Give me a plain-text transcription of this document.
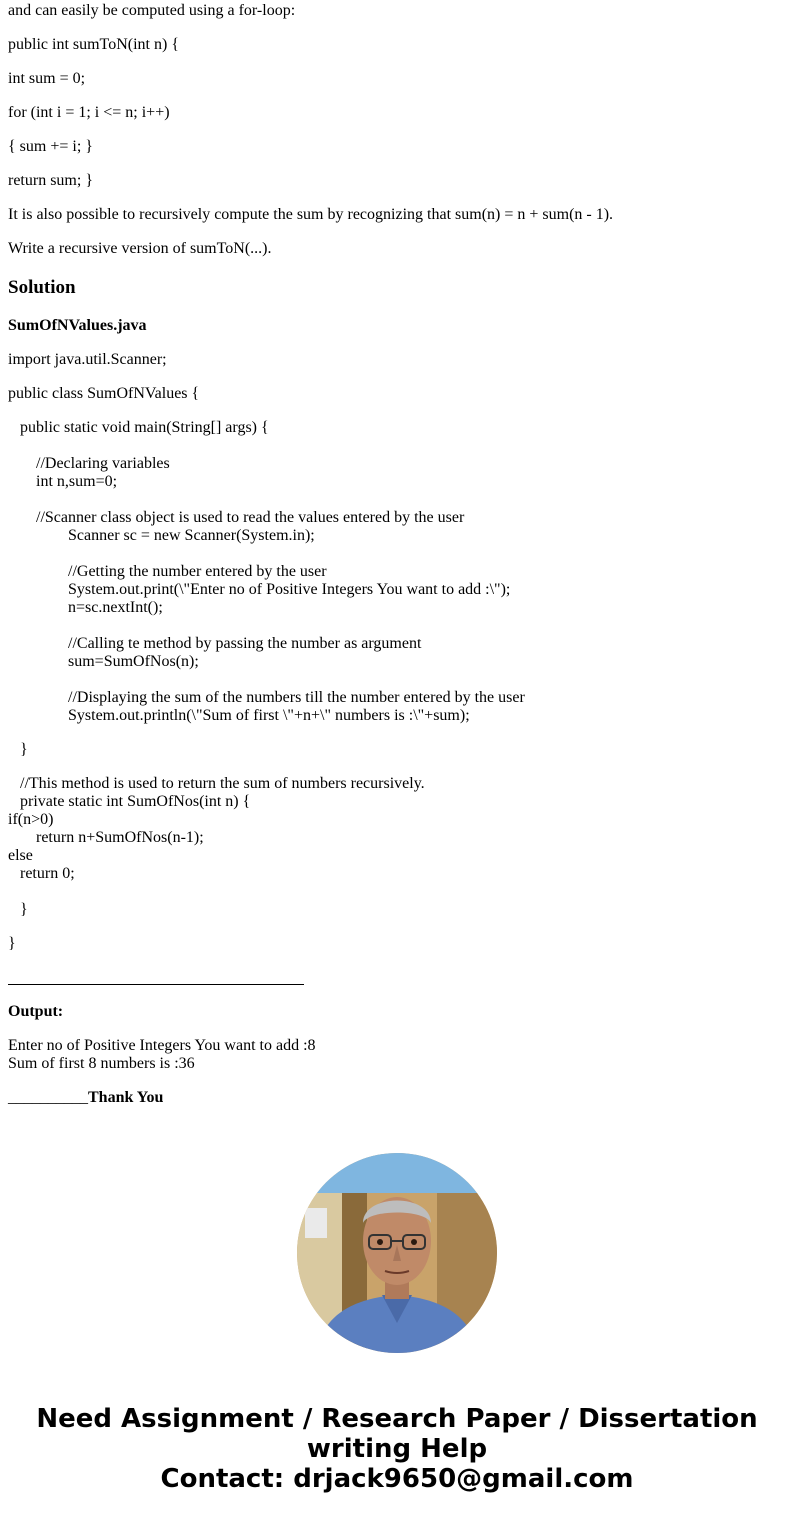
and can easily be computed using a for-loop:
public int sumToN(int n) {
int sum = 0;
for (int i = 1; i <= n; i++)
{ sum += i; }
return sum; }
It is also possible to recursively compute the sum by recognizing that sum(n) = n + sum(n - 1).
Write a recursive version of sumToN(...).
Solution
SumOfNValues.java
import java.util.Scanner;
public class SumOfNValues {
public static void main(String[] args) {
//Declaring variables
int n,sum=0;
//Scanner class object is used to read the values entered by the user
Scanner sc = new Scanner(System.in);
//Getting the number entered by the user
System.out.print(\"Enter no of Positive Integers You want to add :\");
n=sc.nextInt();
//Calling te method by passing the number as argument
sum=SumOfNos(n);
//Displaying the sum of the numbers till the number entered by the user
System.out.println(\"Sum of first \"+n+\" numbers is :\"+sum);
}
//This method is used to return the sum of numbers recursively.
private static int SumOfNos(int n) {
if(n>0)
return n+SumOfNos(n-1);
else
return 0;
}
}
Output:
Enter no of Positive Integers You want to add :8
Sum of first 8 numbers is :36
__________Thank You
Need Assignment / Research Paper / Dissertation
writing Help
Contact: drjack9650@gmail.com
